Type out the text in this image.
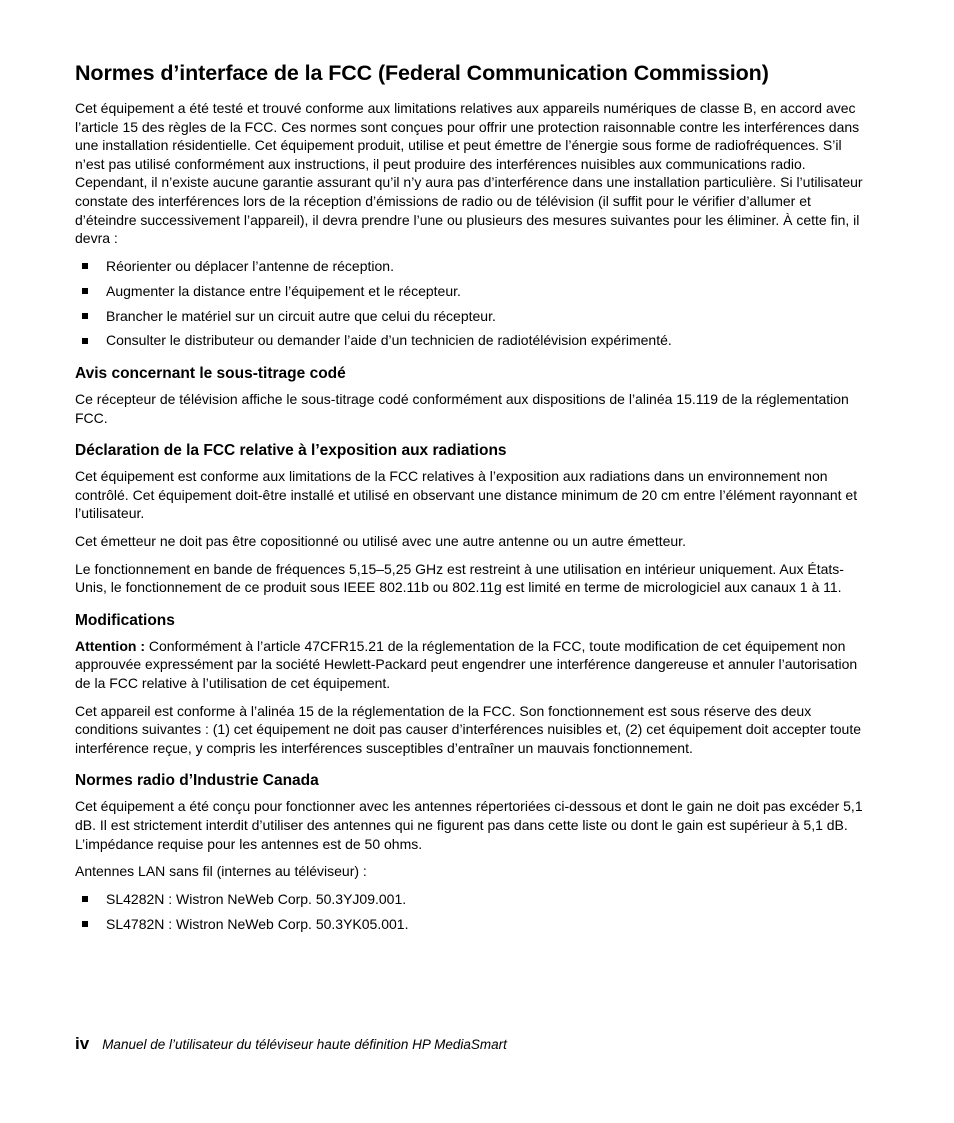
Normes d’interface de la FCC (Federal Communication Commission)

Cet équipement a été testé et trouvé conforme aux limitations relatives aux appareils numériques de classe B, en accord avec l’article 15 des règles de la FCC. Ces normes sont conçues pour offrir une protection raisonnable contre les interférences dans une installation résidentielle. Cet équipement produit, utilise et peut émettre de l’énergie sous forme de radiofréquences. S’il n’est pas utilisé conformément aux instructions, il peut produire des interférences nuisibles aux communications radio. Cependant, il n’existe aucune garantie assurant qu’il n’y aura pas d’interférence dans une installation particulière. Si l’utilisateur constate des interférences lors de la réception d’émissions de radio ou de télévision (il suffit pour le vérifier d’allumer et d’éteindre successivement l’appareil), il devra prendre l’une ou plusieurs des mesures suivantes pour les éliminer. À cette fin, il devra :

Réorienter ou déplacer l’antenne de réception.
Augmenter la distance entre l’équipement et le récepteur.
Brancher le matériel sur un circuit autre que celui du récepteur.
Consulter le distributeur ou demander l’aide d’un technicien de radiotélévision expérimenté.
Avis concernant le sous-titrage codé

Ce récepteur de télévision affiche le sous-titrage codé conformément aux dispositions de l’alinéa 15.119 de la réglementation FCC.

Déclaration de la FCC relative à l’exposition aux radiations

Cet équipement est conforme aux limitations de la FCC relatives à l’exposition aux radiations dans un environnement non contrôlé. Cet équipement doit-être installé et utilisé en observant une distance minimum de 20 cm entre l’élément rayonnant et l’utilisateur.

Cet émetteur ne doit pas être copositionné ou utilisé avec une autre antenne ou un autre émetteur.

Le fonctionnement en bande de fréquences 5,15–5,25 GHz est restreint à une utilisation en intérieur uniquement. Aux États-Unis, le fonctionnement de ce produit sous IEEE 802.11b ou 802.11g est limité en terme de micrologiciel aux canaux 1 à 11.

Modifications

Attention : Conformément à l’article 47CFR15.21 de la réglementation de la FCC, toute modification de cet équipement non approuvée expressément par la société Hewlett-Packard peut engendrer une interférence dangereuse et annuler l’autorisation de la FCC relative à l’utilisation de cet équipement.

Cet appareil est conforme à l’alinéa 15 de la réglementation de la FCC. Son fonctionnement est sous réserve des deux conditions suivantes : (1) cet équipement ne doit pas causer d’interférences nuisibles et, (2) cet équipement doit accepter toute interférence reçue, y compris les interférences susceptibles d’entraîner un mauvais fonctionnement.

Normes radio d’Industrie Canada

Cet équipement a été conçu pour fonctionner avec les antennes répertoriées ci-dessous et dont le gain ne doit pas excéder 5,1 dB. Il est strictement interdit d’utiliser des antennes qui ne figurent pas dans cette liste ou dont le gain est supérieur à 5,1 dB. L’impédance requise pour les antennes est de 50 ohms.

Antennes LAN sans fil (internes au téléviseur) :

SL4282N : Wistron NeWeb Corp. 50.3YJ09.001.
SL4782N : Wistron NeWeb Corp. 50.3YK05.001.
iv Manuel de l’utilisateur du téléviseur haute définition HP MediaSmart
